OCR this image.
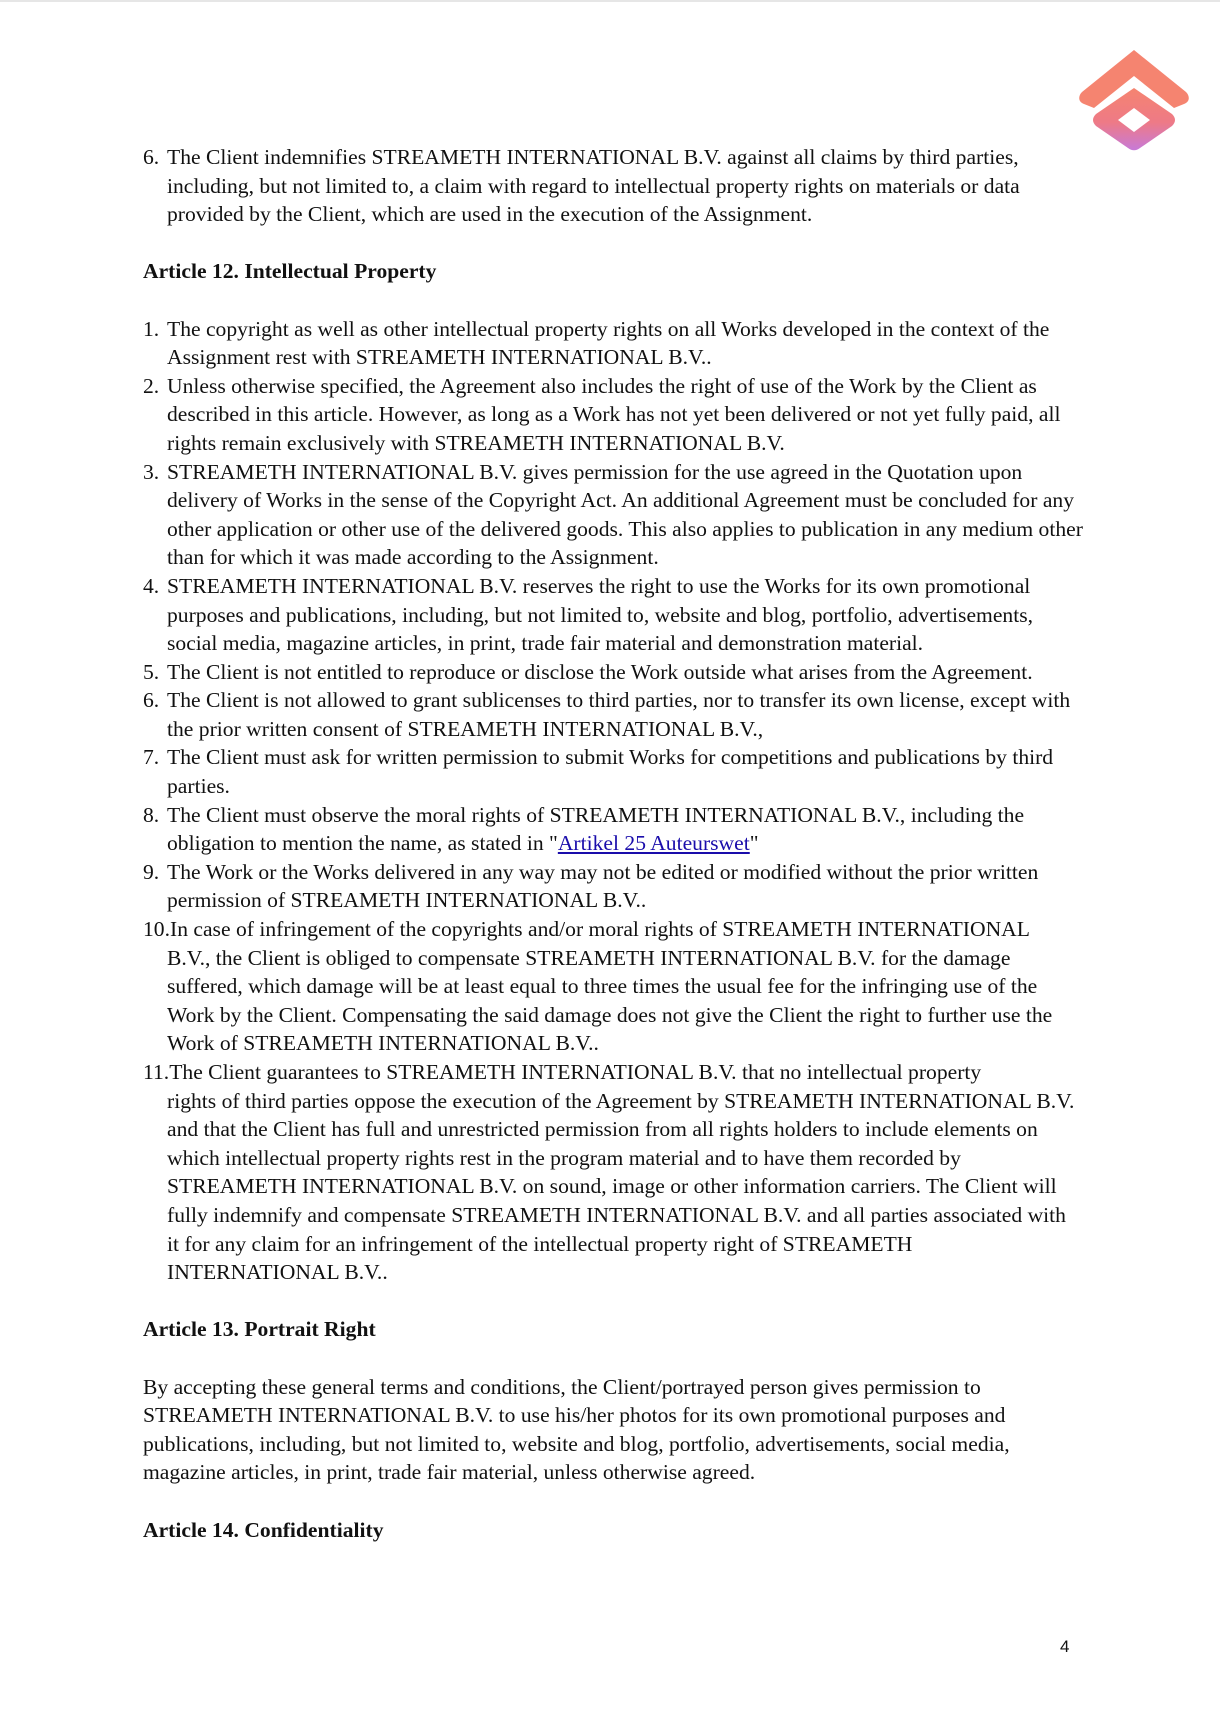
6. The Client indemnifies STREAMETH INTERNATIONAL B.V. against all claims by third parties, including, but not limited to, a claim with regard to intellectual property rights on materials or data provided by the Client, which are used in the execution of the Assignment.
Article 12. Intellectual Property
1. The copyright as well as other intellectual property rights on all Works developed in the context of the Assignment rest with STREAMETH INTERNATIONAL B.V..
2. Unless otherwise specified, the Agreement also includes the right of use of the Work by the Client as described in this article. However, as long as a Work has not yet been delivered or not yet fully paid, all rights remain exclusively with STREAMETH INTERNATIONAL B.V.
3. STREAMETH INTERNATIONAL B.V. gives permission for the use agreed in the Quotation upon delivery of Works in the sense of the Copyright Act. An additional Agreement must be concluded for any other application or other use of the delivered goods. This also applies to publication in any medium other than for which it was made according to the Assignment.
4. STREAMETH INTERNATIONAL B.V. reserves the right to use the Works for its own promotional purposes and publications, including, but not limited to, website and blog, portfolio, advertisements, social media, magazine articles, in print, trade fair material and demonstration material.
5. The Client is not entitled to reproduce or disclose the Work outside what arises from the Agreement.
6. The Client is not allowed to grant sublicenses to third parties, nor to transfer its own license, except with the prior written consent of STREAMETH INTERNATIONAL B.V.,
7. The Client must ask for written permission to submit Works for competitions and publications by third parties.
8. The Client must observe the moral rights of STREAMETH INTERNATIONAL B.V., including the obligation to mention the name, as stated in "Artikel 25 Auteurswet"
9. The Work or the Works delivered in any way may not be edited or modified without the prior written permission of STREAMETH INTERNATIONAL B.V..
10.In case of infringement of the copyrights and/or moral rights of STREAMETH INTERNATIONAL
B.V., the Client is obliged to compensate STREAMETH INTERNATIONAL B.V. for the damage suffered, which damage will be at least equal to three times the usual fee for the infringing use of the Work by the Client. Compensating the said damage does not give the Client the right to further use the Work of STREAMETH INTERNATIONAL B.V..
11.The Client guarantees to STREAMETH INTERNATIONAL B.V. that no intellectual property
rights of third parties oppose the execution of the Agreement by STREAMETH INTERNATIONAL B.V. and that the Client has full and unrestricted permission from all rights holders to include elements on which intellectual property rights rest in the program material and to have them recorded by STREAMETH INTERNATIONAL B.V. on sound, image or other information carriers. The Client will fully indemnify and compensate STREAMETH INTERNATIONAL B.V. and all parties associated with it for any claim for an infringement of the intellectual property right of STREAMETH INTERNATIONAL B.V..
Article 13. Portrait Right

By accepting these general terms and conditions, the Client/portrayed person gives permission to STREAMETH INTERNATIONAL B.V. to use his/her photos for its own promotional purposes and publications, including, but not limited to, website and blog, portfolio, advertisements, social media, magazine articles, in print, trade fair material, unless otherwise agreed.

Article 14. Confidentiality
4
